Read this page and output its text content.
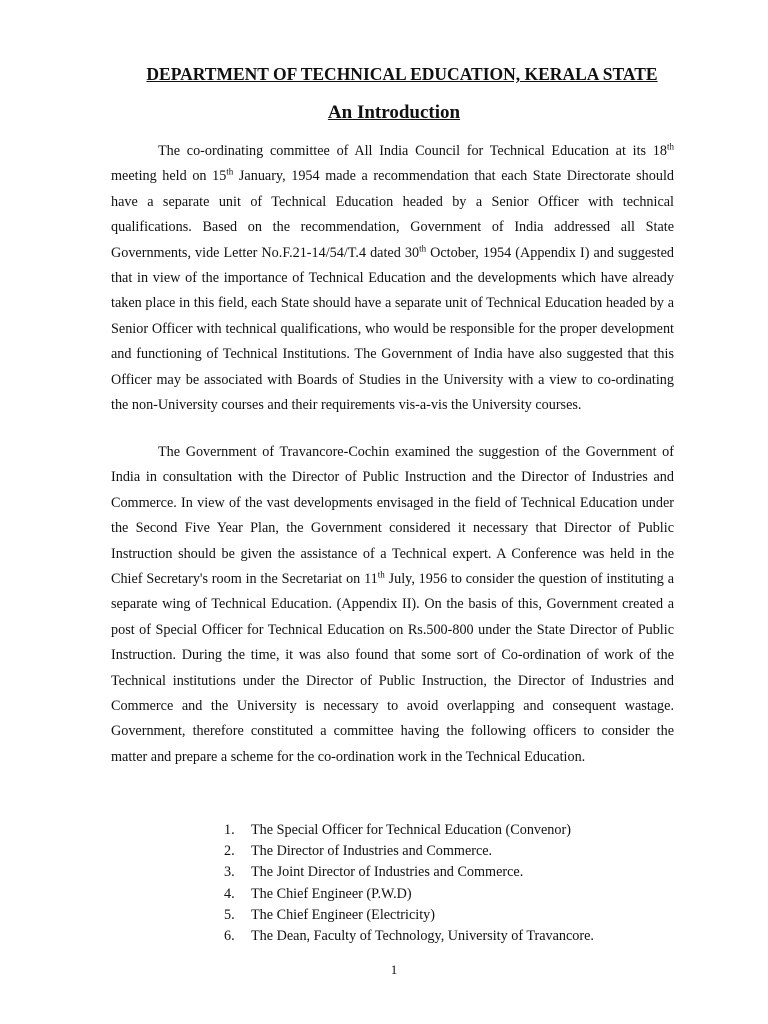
DEPARTMENT OF TECHNICAL EDUCATION, KERALA STATE
An Introduction

The co-ordinating committee of All India Council for Technical Education at its 18th meeting held on 15th January, 1954 made a recommendation that each State Directorate should have a separate unit of Technical Education headed by a Senior Officer with technical qualifications. Based on the recommendation, Government of India addressed all State Governments, vide Letter No.F.21-14/54/T.4 dated 30th October, 1954 (Appendix I) and suggested that in view of the importance of Technical Education and the developments which have already taken place in this field, each State should have a separate unit of Technical Education headed by a Senior Officer with technical qualifications, who would be responsible for the proper development and functioning of Technical Institutions. The Government of India have also suggested that this Officer may be associated with Boards of Studies in the University with a view to co-ordinating the non-University courses and their requirements vis-a-vis the University courses.

The Government of Travancore-Cochin examined the suggestion of the Government of India in consultation with the Director of Public Instruction and the Director of Industries and Commerce. In view of the vast developments envisaged in the field of Technical Education under the Second Five Year Plan, the Government considered it necessary that Director of Public Instruction should be given the assistance of a Technical expert. A Conference was held in the Chief Secretary's room in the Secretariat on 11th July, 1956 to consider the question of instituting a separate wing of Technical Education. (Appendix II). On the basis of this, Government created a post of Special Officer for Technical Education on Rs.500-800 under the State Director of Public Instruction. During the time, it was also found that some sort of Co-ordination of work of the Technical institutions under the Director of Public Instruction, the Director of Industries and Commerce and the University is necessary to avoid overlapping and consequent wastage. Government, therefore constituted a committee having the following officers to consider the matter and prepare a scheme for the co-ordination work in the Technical Education.

1.	The Special Officer for Technical Education (Convenor)
2.	The Director of Industries and Commerce.
3.	The Joint Director of Industries and Commerce.
4.	The Chief Engineer (P.W.D)
5.	The Chief Engineer (Electricity)
6.	The Dean, Faculty of Technology, University of Travancore.
1
